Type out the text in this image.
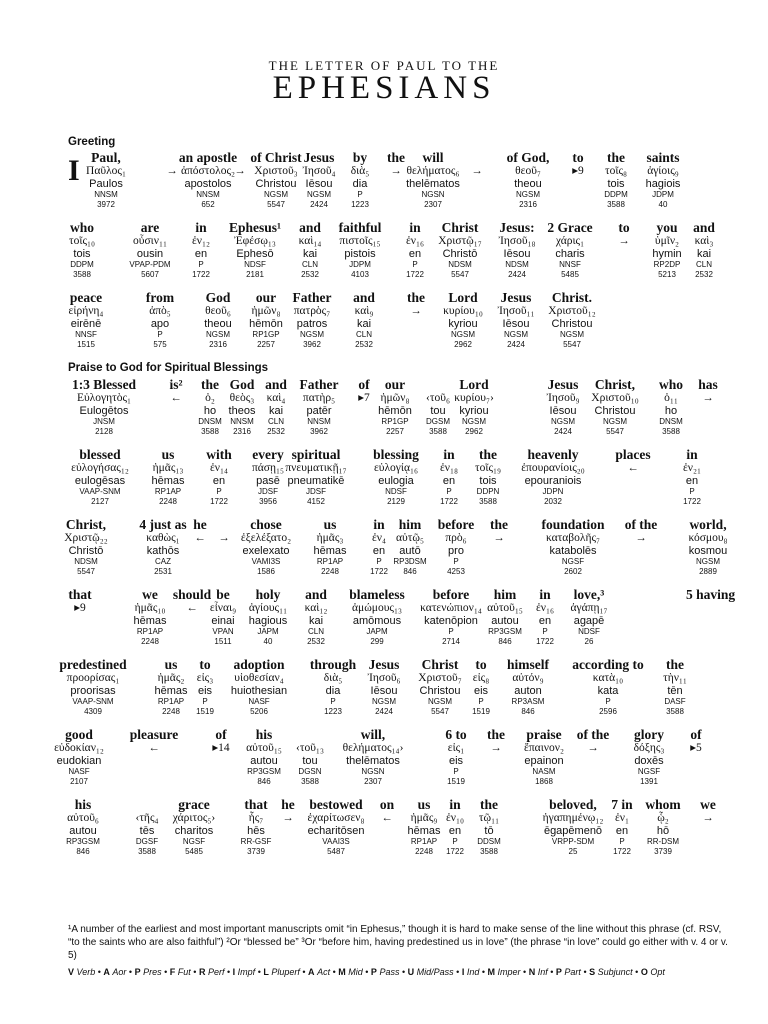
THE LETTER OF PAUL TO THE
EPHESIANS
Greeting
Praise to God for Spiritual Blessings
I Paul,
Παῦλος₁
Paulos
NNSM
3972
→
an apostle
ἀπόστολος₂
apostolos
NNSM
652
→
of Christ
Χριστοῦ₃
Christou
NGSM
5547
Jesus
Ἰησοῦ₄
Iēsou
NGSM
2424
by
διὰ₅
dia
P
1223
the
→
will
θελήματος₆
thelēmatos
NGSN
2307
→
of God,
θεοῦ₇
theou
NGSM
2316
to
▸9
the
τοῖς₈
tois
DDPM
3588
saints
ἁγίοις₉
hagiois
JDPM
40
who
τοῖς₁₀
tois
DDPM
3588
are
οὖσιν₁₁
ousin
VPAP-PDM
5607
in
ἐν₁₂
en
P
1722
Ephesus¹
Ἐφέσῳ₁₃
Ephesō
NDSF
2181
and
καὶ₁₄
kai
CLN
2532
faithful
πιστοῖς₁₅
pistois
JDPM
4103
in
ἐν₁₆
en
P
1722
Christ
Χριστῷ₁₇
Christō
NDSM
5547
Jesus:
Ἰησοῦ₁₈
Iēsou
NDSM
2424
2 Grace
χάρις₁
charis
NNSF
5485
to
→
you
ὑμῖν₂
hymin
RP2DP
5213
and
καὶ₃
kai
CLN
2532
peace
εἰρήνη₄
eirēnē
NNSF
1515
from
ἀπὸ₅
apo
P
575
God
θεοῦ₆
theou
NGSM
2316
our
ἡμῶν₈
hēmōn
RP1GP
2257
Father
πατρὸς₇
patros
NGSM
3962
and
καὶ₉
kai
CLN
2532
the
→
Lord
κυρίου₁₀
kyriou
NGSM
2962
Jesus
Ἰησοῦ₁₁
Iēsou
NGSM
2424
Christ.
Χριστοῦ₁₂
Christou
NGSM
5547
1:3 Blessed
Εὐλογητὸς₁
Eulogētos
JNSM
2128
is²
←
the
ὁ₂
ho
DNSM
3588
God
θεὸς₃
theos
NNSM
2316
and
καὶ₄
kai
CLN
2532
Father
πατὴρ₅
patēr
NNSM
3962
of
▸7
our
ἡμῶν₈
hēmōn
RP1GP
2257
‹τοῦ₆
tou
DGSM
3588
Lord
κυρίου₇›
kyriou
NGSM
2962
Jesus
Ἰησοῦ₉
Iēsou
NGSM
2424
Christ,
Χριστοῦ₁₀
Christou
NGSM
5547
who
ὁ₁₁
ho
DNSM
3588
has
→
blessed
εὐλογήσας₁₂
eulogēsas
VAAP-SNM
2127
us
ἡμᾶς₁₃
hēmas
RP1AP
2248
with
ἐν₁₄
en
P
1722
every
πάσῃ₁₅
pasē
JDSF
3956
spiritual
πνευματικῇ₁₇
pneumatikē
JDSF
4152
blessing
εὐλογίᾳ₁₆
eulogia
NDSF
2129
in
ἐν₁₈
en
P
1722
the
τοῖς₁₉
tois
DDPN
3588
heavenly
ἐπουρανίοις₂₀
epouraniois
JDPN
2032
places
←
in
ἐν₂₁
en
P
1722
Christ,
Χριστῷ₂₂
Christō
NDSM
5547
4 just as
καθὼς₁
kathōs
CAZ
2531
he
← →
chose
ἐξελέξατο₂
exelexato
VAMI3S
1586
us
ἡμᾶς₃
hēmas
RP1AP
2248
in
ἐν₄
en
P
1722
him
αὐτῷ₅
autō
RP3DSM
846
before
πρὸ₆
pro
P
4253
the
→
foundation
καταβολῆς₇
katabolēs
NGSF
2602
of the
→
world,
κόσμου₈
kosmou
NGSM
2889
that
▸9
we
ἡμᾶς₁₀
hēmas
RP1AP
2248
should
←
be
εἶναι₉
einai
VPAN
1511
holy
ἁγίους₁₁
hagious
JAPM
40
and
καὶ₁₂
kai
CLN
2532
blameless
ἀμώμους₁₃
amōmous
JAPM
299
before
κατενώπιον₁₄
katenōpion
P
2714
him
αὐτοῦ₁₅
autou
RP3GSM
846
in
ἐν₁₆
en
P
1722
love,³
ἀγάπῃ₁₇
agapē
NDSF
26
5 having
predestined
προορίσας₁
proorisas
VAAP-SNM
4309
us
ἡμᾶς₂
hēmas
RP1AP
2248
to
εἰς₃
eis
P
1519
adoption
υἱοθεσίαν₄
huiothesian
NASF
5206
through
διὰ₅
dia
P
1223
Jesus
Ἰησοῦ₆
Iēsou
NGSM
2424
Christ
Χριστοῦ₇
Christou
NGSM
5547
to
εἰς₈
eis
P
1519
himself
αὐτόν₉
auton
RP3ASM
846
according to
κατὰ₁₀
kata
P
2596
the
τὴν₁₁
tēn
DASF
3588
good
εὐδοκίαν₁₂
eudokian
NASF
2107
pleasure
←
of
▸14
his
αὐτοῦ₁₅
autou
RP3GSM
846
‹τοῦ₁₃
tou
DGSN
3588
will,
θελήματος₁₄›
thelēmatos
NGSN
2307
6 to
εἰς₁
eis
P
1519
the
→
praise
ἔπαινον₂
epainon
NASM
1868
of the
→
glory
δόξης₃
doxēs
NGSF
1391
of
▸5
his
αὐτοῦ₆
autou
RP3GSM
846
‹τῆς₄
tēs
DGSF
3588
grace
χάριτος₅›
charitos
NGSF
5485
that
ἧς₇
hēs
RR-GSF
3739
he
→
bestowed
ἐχαρίτωσεν₈
echaritōsen
VAAI3S
5487
on
←
us
ἡμᾶς₉
hēmas
RP1AP
2248
in
ἐν₁₀
en
P
1722
the
τῷ₁₁
tō
DDSM
3588
beloved,
ἠγαπημένῳ₁₂
ēgapēmenō
VRPP-SDM
25
7 in
ἐν₁
en
P
1722
whom
ᾧ₂
hō
RR-DSM
3739
we
→
¹A number of the earliest and most important manuscripts omit “in Ephesus,” though it is hard to make sense of the line without this phrase (cf. RSV, “to the saints who are also faithful”) ²Or “blessed be” ³Or “before him, having predestined us in love” (the phrase “in love” could go either with v. 4 or v. 5)
V Verb • A Aor • P Pres • F Fut • R Perf • I Impf • L Pluperf • A Act • M Mid • P Pass • U Mid/Pass • I Ind • M Imper • N Inf • P Part • S Subjunct • O Opt
